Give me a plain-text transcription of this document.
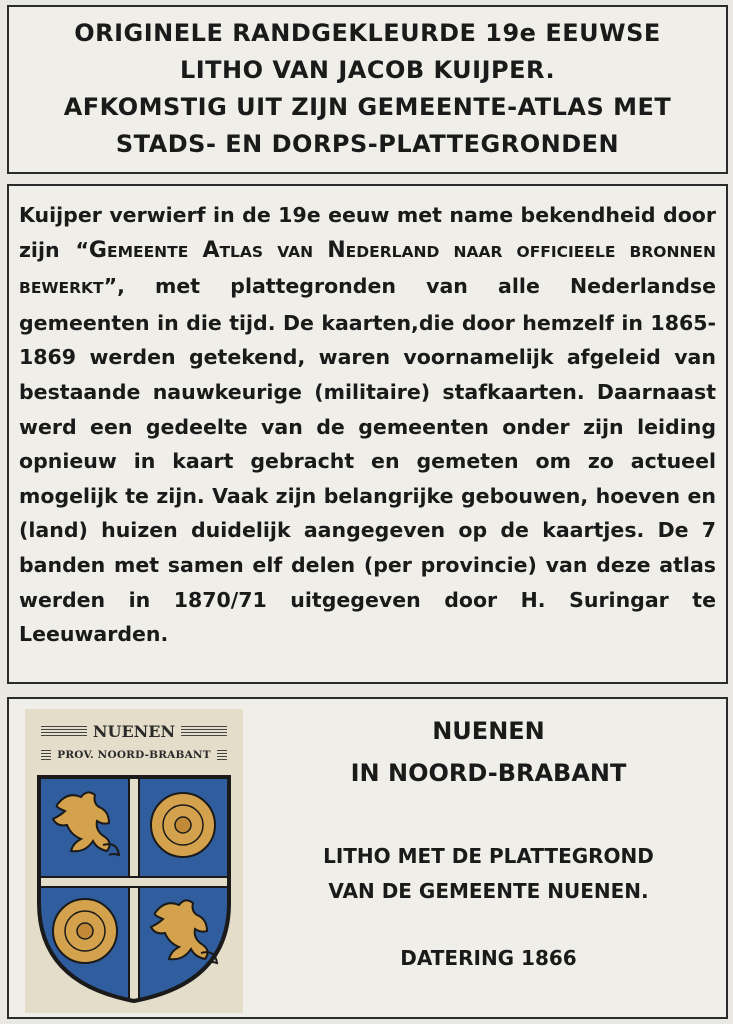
ORIGINELE RANDGEKLEURDE 19e EEUWSE
LITHO VAN JACOB KUIJPER.
AFKOMSTIG UIT ZIJN GEMEENTE-ATLAS MET
STADS- EN DORPS-PLATTEGRONDEN
Kuijper verwierf in de 19e eeuw met name bekendheid door zijn “GEMEENTE ATLAS VAN NEDERLAND NAAR OFFICIEELE BRONNEN BEWERKT”, met plattegronden van alle Nederlandse gemeenten in die tijd. De kaarten,die door hemzelf in 1865-1869 werden getekend, waren voornamelijk afgeleid van bestaande nauwkeurige (militaire) stafkaarten. Daarnaast werd een gedeelte van de gemeenten onder zijn leiding opnieuw in kaart gebracht en gemeten om zo actueel mogelijk te zijn. Vaak zijn belangrijke gebouwen, hoeven en (land) huizen duidelijk aangegeven op de kaartjes. De 7 banden met samen elf delen (per provincie) van deze atlas werden in 1870/71 uitgegeven door H. Suringar te Leeuwarden.
NUENEN
PROV. NOORD-BRABANT
NUENEN
IN NOORD-BRABANT
LITHO MET DE PLATTEGROND
VAN DE GEMEENTE NUENEN.
DATERING 1866
